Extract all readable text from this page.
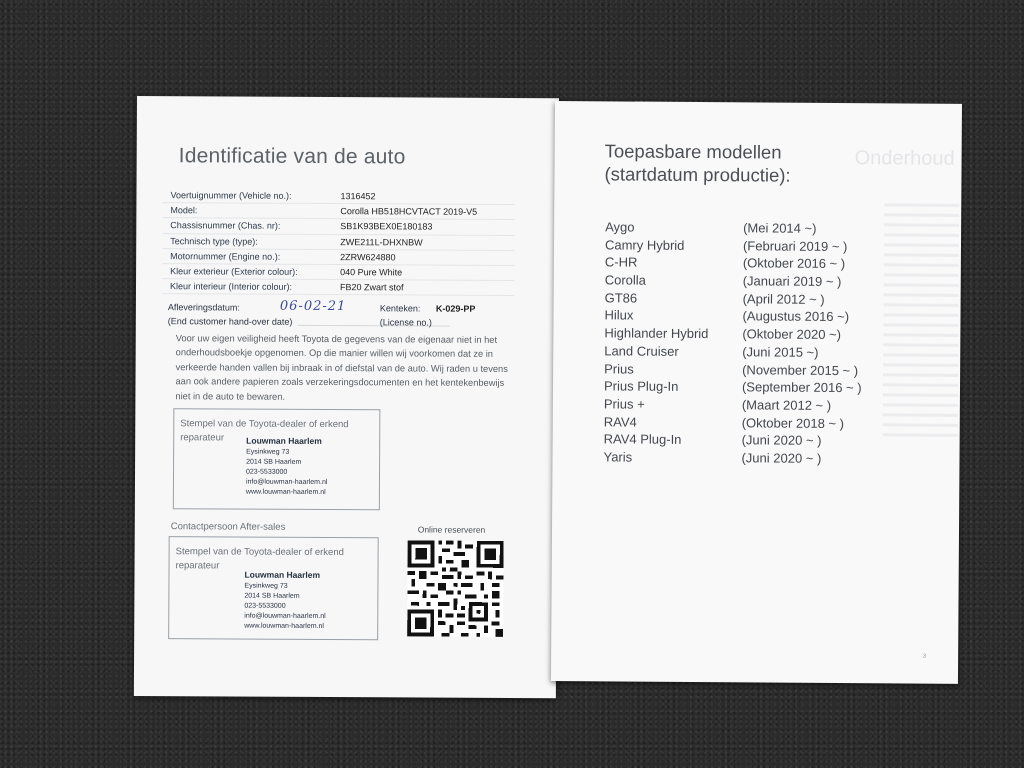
Identificatie van de auto
Voertuignummer (Vehicle no.):	1316452
Model:	Corolla HB518HCVTACT 2019-V5
Chassisnummer (Chas. nr):	SB1K93BEX0E180183
Technisch type (type):	ZWE211L-DHXNBW
Motornummer (Engine no.):	2ZRW624880
Kleur exterieur (Exterior colour):	040 Pure White
Kleur interieur (Interior colour):	FB20 Zwart stof
Afleveringsdatum:	06-02-21	Kenteken: K-029-PP
(End customer hand-over date)	(License no.)
Voor uw eigen veiligheid heeft Toyota de gegevens van de eigenaar niet in het onderhoudsboekje opgenomen. Op die manier willen wij voorkomen dat ze in verkeerde handen vallen bij inbraak in of diefstal van de auto. Wij raden u tevens aan ook andere papieren zoals verzekeringsdocumenten en het kentekenbewijs niet in de auto te bewaren.
Stempel van de Toyota-dealer of erkend reparateur	Louwman Haarlem
Eysinkweg 73
2014 SB Haarlem
023-5533000
info@louwman-haarlem.nl
www.louwman-haarlem.nl
Contactpersoon After-sales	Online reserveren
Stempel van de Toyota-dealer of erkend reparateur
Louwman Haarlem
Eysinkweg 73
2014 SB Haarlem
023-5533000
info@louwman-haarlem.nl
www.louwman-haarlem.nl
Onderhoud
Toepasbare modellen
(startdatum productie):
Aygo	(Mei 2014 ~)
Camry Hybrid	(Februari 2019 ~ )
C-HR	(Oktober 2016 ~ )
Corolla	(Januari 2019 ~ )
GT86	(April 2012 ~ )
Hilux	(Augustus 2016 ~)
Highlander Hybrid	(Oktober 2020 ~)
Land Cruiser	(Juni 2015 ~)
Prius	(November 2015 ~ )
Prius Plug-In	(September 2016 ~ )
Prius +	(Maart 2012 ~ )
RAV4	(Oktober 2018 ~ )
RAV4 Plug-In	(Juni 2020 ~ )
Yaris	(Juni 2020 ~ )
3
